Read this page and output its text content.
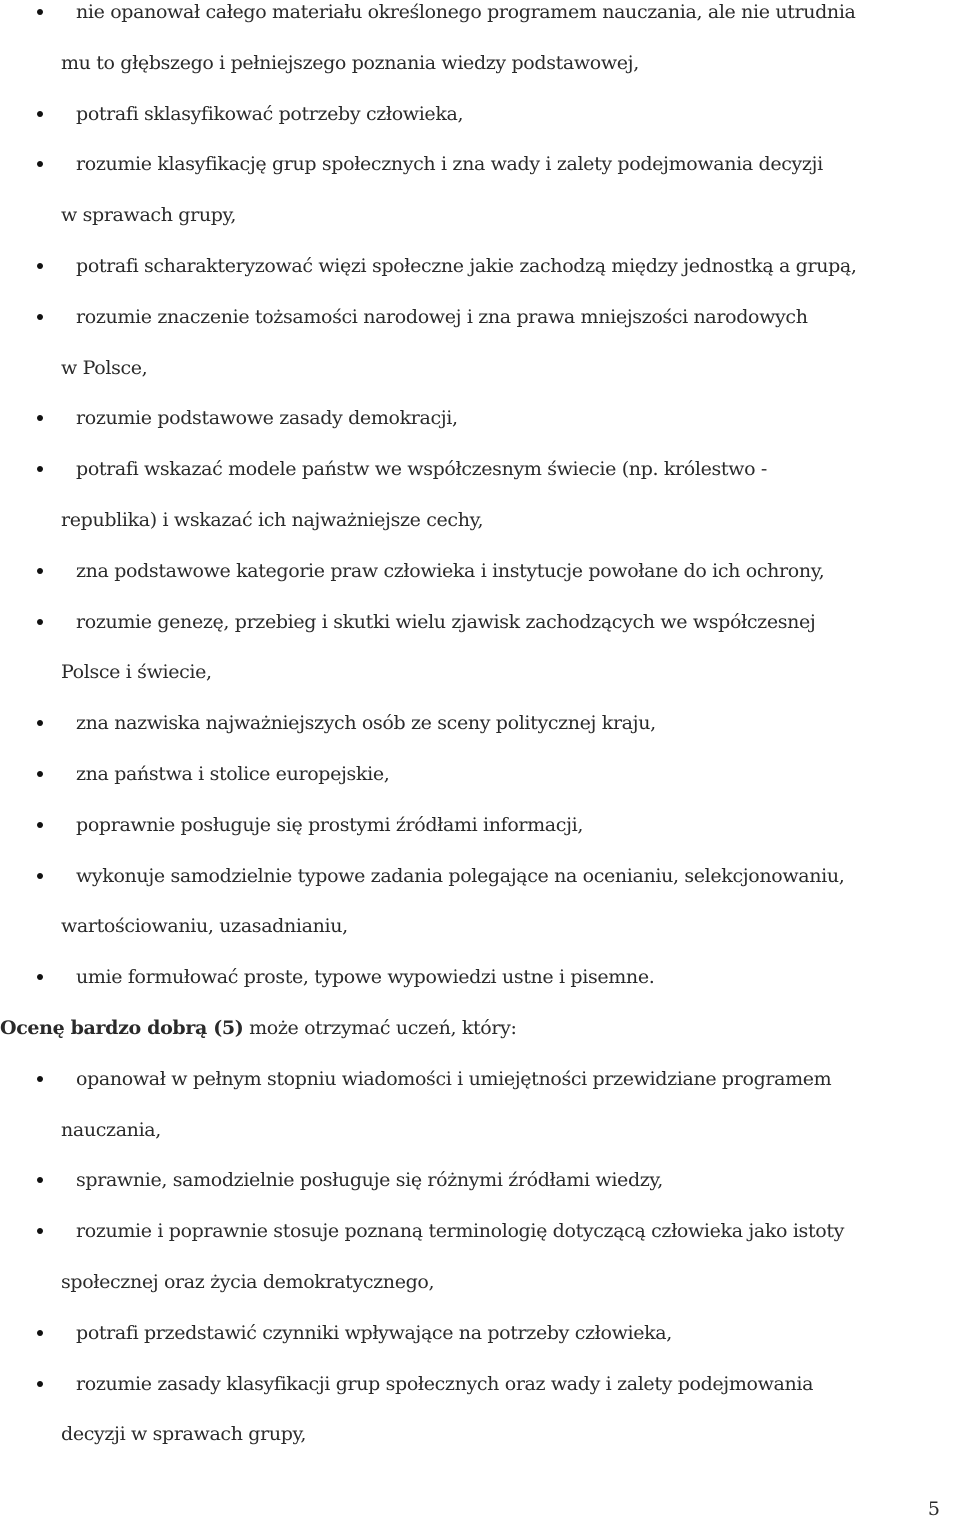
nie opanował całego materiału określonego programem nauczania, ale nie utrudnia
mu to głębszego i pełniejszego poznania wiedzy podstawowej,
potrafi sklasyfikować potrzeby człowieka,
rozumie klasyfikację grup społecznych i zna wady i zalety podejmowania decyzji
w sprawach grupy,
potrafi scharakteryzować więzi społeczne jakie zachodzą między jednostką a grupą,
rozumie znaczenie tożsamości narodowej i zna prawa mniejszości narodowych
w Polsce,
rozumie podstawowe zasady demokracji,
potrafi wskazać modele państw we współczesnym świecie (np. królestwo -
republika) i wskazać ich najważniejsze cechy,
zna podstawowe kategorie praw człowieka i instytucje powołane do ich ochrony,
rozumie genezę, przebieg i skutki wielu zjawisk zachodzących we współczesnej
Polsce i świecie,
zna nazwiska najważniejszych osób ze sceny politycznej kraju,
zna państwa i stolice europejskie,
poprawnie posługuje się prostymi źródłami informacji,
wykonuje samodzielnie typowe zadania polegające na ocenianiu, selekcjonowaniu,
wartościowaniu, uzasadnianiu,
umie formułować proste, typowe wypowiedzi ustne i pisemne.
Ocenę bardzo dobrą (5) może otrzymać uczeń, który:
opanował w pełnym stopniu wiadomości i umiejętności przewidziane programem
nauczania,
sprawnie, samodzielnie posługuje się różnymi źródłami wiedzy,
rozumie i poprawnie stosuje poznaną terminologię dotyczącą człowieka jako istoty
społecznej oraz życia demokratycznego,
potrafi przedstawić czynniki wpływające na potrzeby człowieka,
rozumie zasady klasyfikacji grup społecznych oraz wady i zalety podejmowania
decyzji w sprawach grupy,
5
